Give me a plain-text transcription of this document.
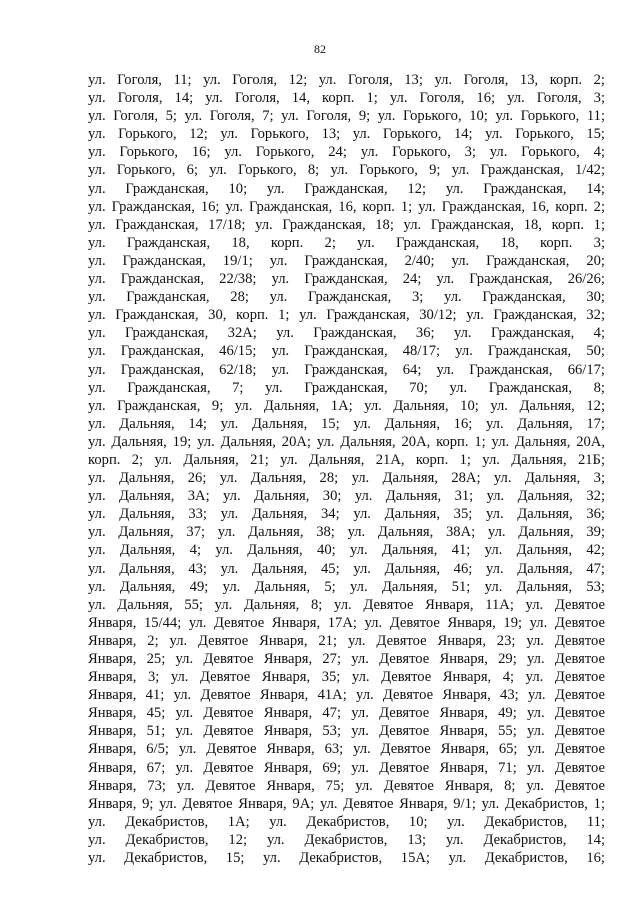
82
ул. Гоголя, 11; ул. Гоголя, 12; ул. Гоголя, 13; ул. Гоголя, 13, корп. 2;
ул. Гоголя, 14; ул. Гоголя, 14, корп. 1; ул. Гоголя, 16; ул. Гоголя, 3;
ул. Гоголя, 5; ул. Гоголя, 7; ул. Гоголя, 9; ул. Горького, 10; ул. Горького, 11;
ул. Горького, 12; ул. Горького, 13; ул. Горького, 14; ул. Горького, 15;
ул. Горького, 16; ул. Горького, 24; ул. Горького, 3; ул. Горького, 4;
ул. Горького, 6; ул. Горького, 8; ул. Горького, 9; ул. Гражданская, 1/42;
ул. Гражданская, 10; ул. Гражданская, 12; ул. Гражданская, 14;
ул. Гражданская, 16; ул. Гражданская, 16, корп. 1; ул. Гражданская, 16, корп. 2;
ул. Гражданская, 17/18; ул. Гражданская, 18; ул. Гражданская, 18, корп. 1;
ул. Гражданская, 18, корп. 2; ул. Гражданская, 18, корп. 3;
ул. Гражданская, 19/1; ул. Гражданская, 2/40; ул. Гражданская, 20;
ул. Гражданская, 22/38; ул. Гражданская, 24; ул. Гражданская, 26/26;
ул. Гражданская, 28; ул. Гражданская, 3; ул. Гражданская, 30;
ул. Гражданская, 30, корп. 1; ул. Гражданская, 30/12; ул. Гражданская, 32;
ул. Гражданская, 32А; ул. Гражданская, 36; ул. Гражданская, 4;
ул. Гражданская, 46/15; ул. Гражданская, 48/17; ул. Гражданская, 50;
ул. Гражданская, 62/18; ул. Гражданская, 64; ул. Гражданская, 66/17;
ул. Гражданская, 7; ул. Гражданская, 70; ул. Гражданская, 8;
ул. Гражданская, 9; ул. Дальняя, 1А; ул. Дальняя, 10; ул. Дальняя, 12;
ул. Дальняя, 14; ул. Дальняя, 15; ул. Дальняя, 16; ул. Дальняя, 17;
ул. Дальняя, 19; ул. Дальняя, 20А; ул. Дальняя, 20А, корп. 1; ул. Дальняя, 20А,
корп. 2; ул. Дальняя, 21; ул. Дальняя, 21А, корп. 1; ул. Дальняя, 21Б;
ул. Дальняя, 26; ул. Дальняя, 28; ул. Дальняя, 28А; ул. Дальняя, 3;
ул. Дальняя, 3А; ул. Дальняя, 30; ул. Дальняя, 31; ул. Дальняя, 32;
ул. Дальняя, 33; ул. Дальняя, 34; ул. Дальняя, 35; ул. Дальняя, 36;
ул. Дальняя, 37; ул. Дальняя, 38; ул. Дальняя, 38А; ул. Дальняя, 39;
ул. Дальняя, 4; ул. Дальняя, 40; ул. Дальняя, 41; ул. Дальняя, 42;
ул. Дальняя, 43; ул. Дальняя, 45; ул. Дальняя, 46; ул. Дальняя, 47;
ул. Дальняя, 49; ул. Дальняя, 5; ул. Дальняя, 51; ул. Дальняя, 53;
ул. Дальняя, 55; ул. Дальняя, 8; ул. Девятое Января, 11А; ул. Девятое
Января, 15/44; ул. Девятое Января, 17А; ул. Девятое Января, 19; ул. Девятое
Января, 2; ул. Девятое Января, 21; ул. Девятое Января, 23; ул. Девятое
Января, 25; ул. Девятое Января, 27; ул. Девятое Января, 29; ул. Девятое
Января, 3; ул. Девятое Января, 35; ул. Девятое Января, 4; ул. Девятое
Января, 41; ул. Девятое Января, 41А; ул. Девятое Января, 43; ул. Девятое
Января, 45; ул. Девятое Января, 47; ул. Девятое Января, 49; ул. Девятое
Января, 51; ул. Девятое Января, 53; ул. Девятое Января, 55; ул. Девятое
Января, 6/5; ул. Девятое Января, 63; ул. Девятое Января, 65; ул. Девятое
Января, 67; ул. Девятое Января, 69; ул. Девятое Января, 71; ул. Девятое
Января, 73; ул. Девятое Января, 75; ул. Девятое Января, 8; ул. Девятое
Января, 9; ул. Девятое Января, 9А; ул. Девятое Января, 9/1; ул. Декабристов, 1;
ул. Декабристов, 1А; ул. Декабристов, 10; ул. Декабристов, 11;
ул. Декабристов, 12; ул. Декабристов, 13; ул. Декабристов, 14;
ул. Декабристов, 15; ул. Декабристов, 15А; ул. Декабристов, 16;
